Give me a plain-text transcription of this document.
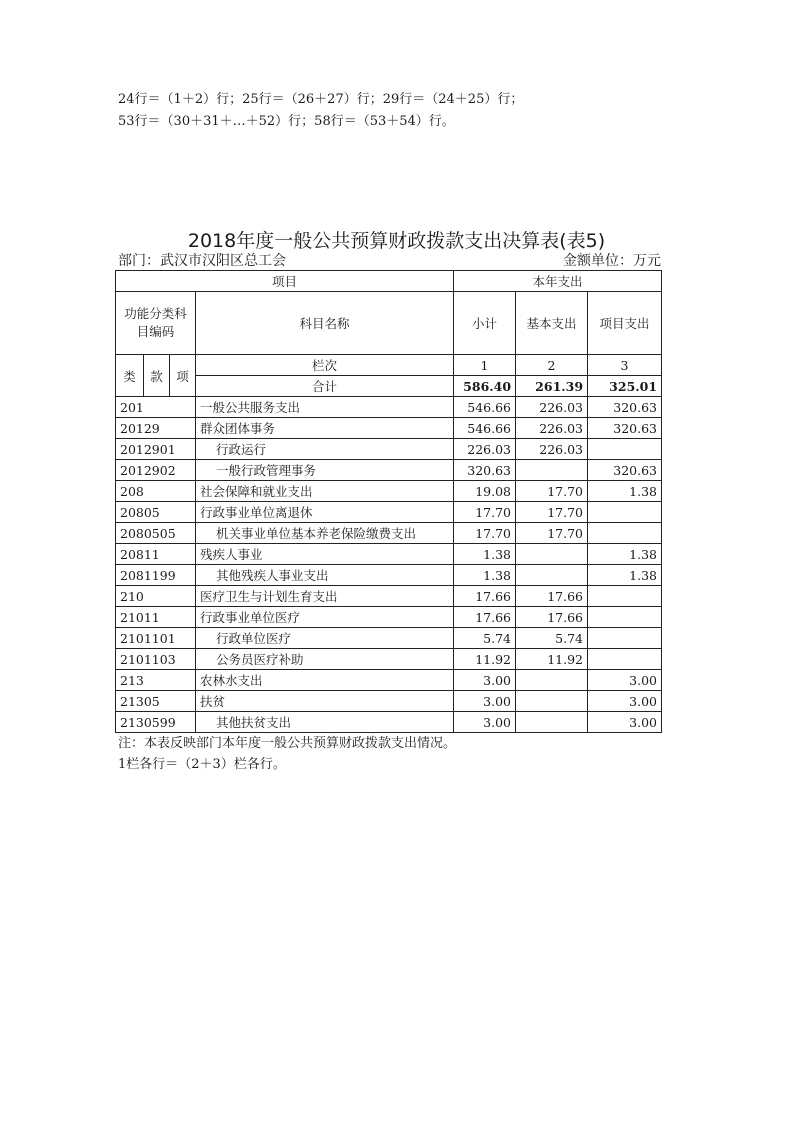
24行＝（1＋2）行；25行＝（26＋27）行；29行＝（24＋25）行；
53行＝（30＋31＋…＋52）行；58行＝（53＋54）行。
2018年度一般公共预算财政拨款支出决算表(表5)
部门：武汉市汉阳区总工会	金额单位：万元
项目				本年支出		
功能分类科目编码			科目名称	小计	基本支出	项目支出
类	款	项	栏次	1	2	3
			合计	586.40	261.39	325.01
201			一般公共服务支出	546.66	226.03	320.63
20129			群众团体事务	546.66	226.03	320.63
2012901			行政运行	226.03	226.03	
2012902			一般行政管理事务	320.63		320.63
208			社会保障和就业支出	19.08	17.70	1.38
20805			行政事业单位离退休	17.70	17.70	
2080505			机关事业单位基本养老保险缴费支出	17.70	17.70	
20811			残疾人事业	1.38		1.38
2081199			其他残疾人事业支出	1.38		1.38
210			医疗卫生与计划生育支出	17.66	17.66	
21011			行政事业单位医疗	17.66	17.66	
2101101			行政单位医疗	5.74	5.74	
2101103			公务员医疗补助	11.92	11.92	
213			农林水支出	3.00		3.00
21305			扶贫	3.00		3.00
2130599			其他扶贫支出	3.00		3.00
注：本表反映部门本年度一般公共预算财政拨款支出情况。
1栏各行＝（2＋3）栏各行。
